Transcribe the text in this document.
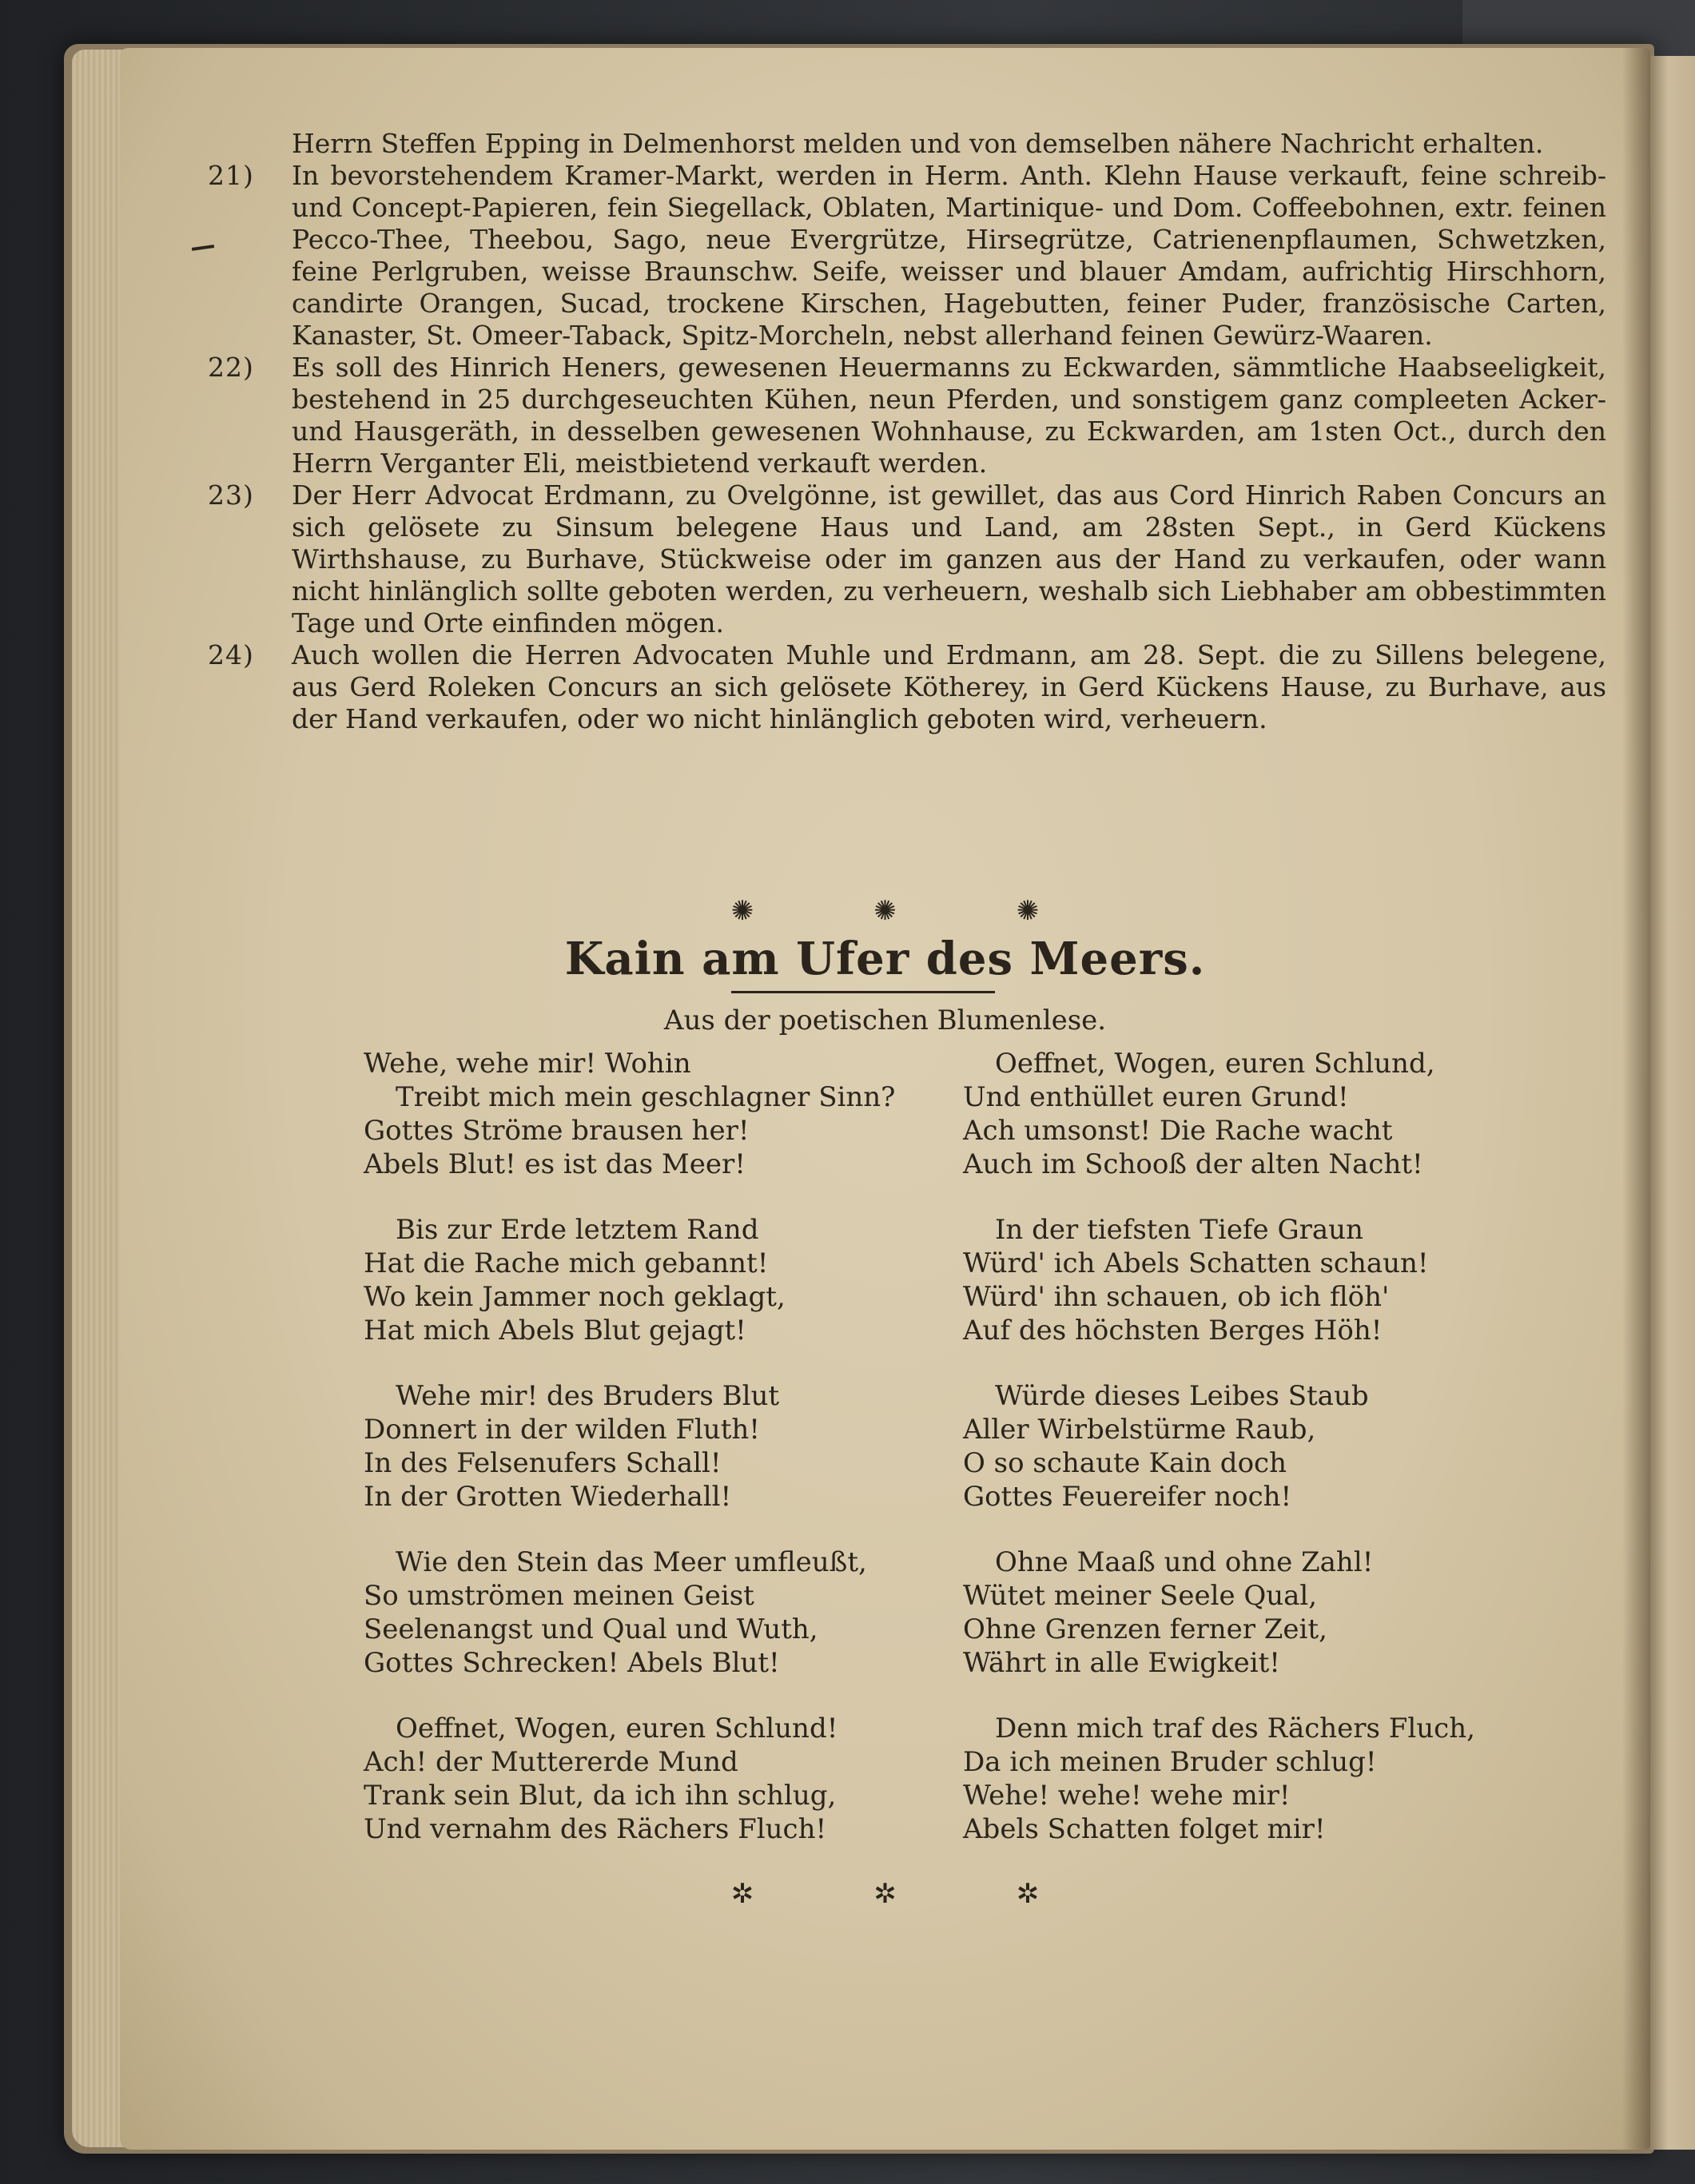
Herrn Steffen Epping in Delmenhorst melden und von demselben nähere Nachricht erhalten.
21)	In bevorstehendem Kramer-Markt, werden in Herm. Anth. Klehn Hause verkauft, feine schreib- und Concept-Papieren, fein Siegellack, Oblaten, Martinique- und Dom. Coffeebohnen, extr. feinen Pecco-Thee, Theebou, Sago, neue Evergrütze, Hirsegrütze, Catrienenpflaumen, Schwetzken, feine Perlgruben, weisse Braunschw. Seife, weisser und blauer Amdam, aufrichtig Hirschhorn, candirte Orangen, Sucad, trockene Kirschen, Hagebutten, feiner Puder, französische Carten, Kanaster, St. Omeer-Taback, Spitz-Morcheln, nebst allerhand feinen Gewürz-Waaren.
22)	Es soll des Hinrich Heners, gewesenen Heuermanns zu Eckwarden, sämmtliche Haabseeligkeit, bestehend in 25 durchgeseuchten Kühen, neun Pferden, und sonstigem ganz compleeten Acker- und Hausgeräth, in desselben gewesenen Wohnhause, zu Eckwarden, am 1sten Oct., durch den Herrn Verganter Eli, meistbietend verkauft werden.
23)	Der Herr Advocat Erdmann, zu Ovelgönne, ist gewillet, das aus Cord Hinrich Raben Concurs an sich gelösete zu Sinsum belegene Haus und Land, am 28sten Sept., in Gerd Kückens Wirthshause, zu Burhave, Stückweise oder im ganzen aus der Hand zu verkaufen, oder wann nicht hinlänglich sollte geboten werden, zu verheuern, weshalb sich Liebhaber am obbestimmten Tage und Orte einfinden mögen.
24)	Auch wollen die Herren Advocaten Muhle und Erdmann, am 28. Sept. die zu Sillens belegene, aus Gerd Roleken Concurs an sich gelösete Kötherey, in Gerd Kückens Hause, zu Burhave, aus der Hand verkaufen, oder wo nicht hinlänglich geboten wird, verheuern.
✺	✺	✺
Kain am Ufer des Meers.
Aus der poetischen Blumenlese.
Wehe, wehe mir! Wohin
Treibt mich mein geschlagner Sinn?
Gottes Ströme brausen her!
Abels Blut! es ist das Meer!
Bis zur Erde letztem Rand
Hat die Rache mich gebannt!
Wo kein Jammer noch geklagt,
Hat mich Abels Blut gejagt!
Wehe mir! des Bruders Blut
Donnert in der wilden Fluth!
In des Felsenufers Schall!
In der Grotten Wiederhall!
Wie den Stein das Meer umfleußt,
So umströmen meinen Geist
Seelenangst und Qual und Wuth,
Gottes Schrecken! Abels Blut!
Oeffnet, Wogen, euren Schlund!
Ach! der Muttererde Mund
Trank sein Blut, da ich ihn schlug,
Und vernahm des Rächers Fluch!
Oeffnet, Wogen, euren Schlund,
Und enthüllet euren Grund!
Ach umsonst! Die Rache wacht
Auch im Schooß der alten Nacht!
In der tiefsten Tiefe Graun
Würd' ich Abels Schatten schaun!
Würd' ihn schauen, ob ich flöh'
Auf des höchsten Berges Höh!
Würde dieses Leibes Staub
Aller Wirbelstürme Raub,
O so schaute Kain doch
Gottes Feuereifer noch!
Ohne Maaß und ohne Zahl!
Wütet meiner Seele Qual,
Ohne Grenzen ferner Zeit,
Währt in alle Ewigkeit!
Denn mich traf des Rächers Fluch,
Da ich meinen Bruder schlug!
Wehe! wehe! wehe mir!
Abels Schatten folget mir!
✲	✲	✲
